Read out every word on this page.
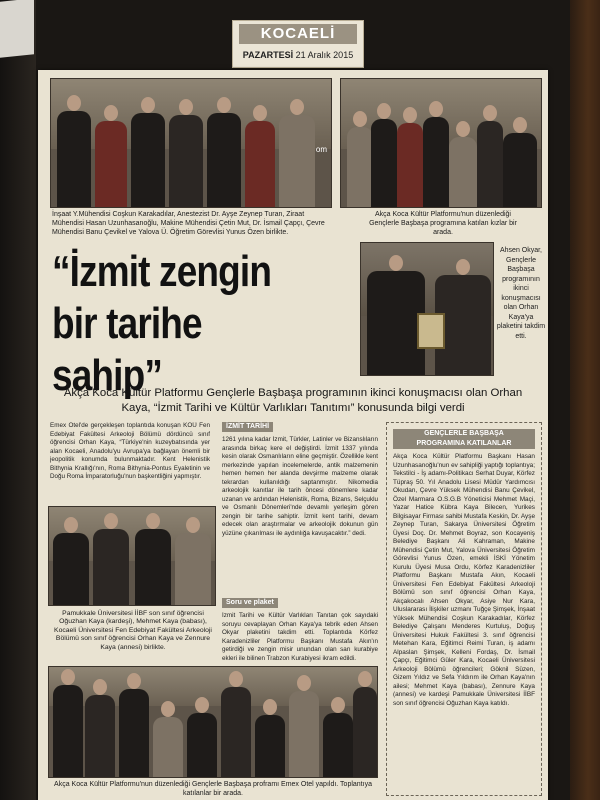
KOCAELİ
PAZARTESİ 21 Aralık 2015
om
İnşaat Y.Mühendisi Coşkun Karakadılar, Anestezist Dr. Ayşe Zeynep Turan, Ziraat Mühendisi Hasan Uzunhasanoğlu, Makine Mühendisi Çetin Mut, Dr. İsmail Çapçı, Çevre Mühendisi Banu Çevikel ve Yalova Ü. Öğretim Görevlisi Yunus Özen birlikte.
Akça Koca Kültür Platformu'nun düzenlediği Gençlerle Başbaşa programına katılan kızlar bir arada.
“İzmit zengin
bir tarihe sahip”
Ahsen Okyar, Gençlerle Başbaşa programının ikinci konuşmacısı olan Orhan Kaya'ya plaketini takdim etti.
Akça Koca Kültür Platformu Gençlerle Başbaşa programının ikinci konuşmacısı olan Orhan Kaya, “İzmit Tarihi ve Kültür Varlıkları Tanıtımı” konusunda bilgi verdi
Emex Otel'de gerçekleşen toplantıda konuşan KOÜ Fen Edebiyat Fakültesi Arkeoloji Bölümü dördüncü sınıf öğrencisi Orhan Kaya, “Türkiye'nin kuzeybatısında yer alan Kocaeli, Anadolu'yu Avrupa'ya bağlayan önemli bir jeopolitik konumda bulunmaktadır. Kent Helenistik Bithynia Krallığı'nın, Roma Bithynia-Pontus Eyaletinin ve Doğu Roma İmparatorluğu'nun başkentliğini yapmıştır.
Pamukkale Üniversitesi İİBF son sınıf öğrencisi Oğuzhan Kaya (kardeşi), Mehmet Kaya (babası), Kocaeli Üniversitesi Fen Edebiyat Fakültesi Arkeoloji Bölümü son sınıf öğrencisi Orhan Kaya ve Zennure Kaya (annesi) birlikte.
İZMİT TARİHİ
1261 yılına kadar İzmit, Türkler, Latinler ve Bizanslıların arasında birkaç kere el değiştirdi. İzmit 1337 yılında kesin olarak Osmanlıların eline geçmiştir. Özellikle kent merkezinde yapılan incelemelerde, antik malzemenin hemen hemen her alanda devşirme malzeme olarak tekrardan kullanıldığı saptanmıştır. Nikomedia arkeolojik kanıtlar ile tarih öncesi dönemlere kadar uzanan ve ardından Helenistik, Roma, Bizans, Selçuklu ve Osmanlı Dönemleri'nde devamlı yerleşim gören zengin bir tarihe sahiptir. İzmit kent tarihi, devam edecek olan araştırmalar ve arkeolojik dokunun gün yüzüne çıkarılması ile aydınlığa kavuşacaktır.” dedi.
Soru ve plaket
İzmit Tarihi ve Kültür Varlıkları Tanıtan çok sayıdaki soruyu cevaplayan Orhan Kaya'ya tebrik eden Ahsen Okyar plaketini takdim etti. Toplantıda Körfez Karadenizliler Platformu Başkanı Mustafa Akın'ın getirdiği ve zengin misir unundan olan sarı kurabiye ekleri ile bilinen Trabzon Kurabiyesi ikram edildi.
Akça Koca Kültür Platformu'nun düzenlediği Gençlerle Başbaşa proframı Emex Otel yapıldı. Toplantıya katılanlar bir arada.
GENÇLERLE BAŞBAŞA
PROGRAMINA KATILANLAR
Akça Koca Kültür Platformu Başkanı Hasan Uzunhasanoğlu'nun ev sahipliği yaptığı toplantıya; Tekstilci - İş adamı-Politikacı Serhat Duyar, Körfez Tüpraş 50. Yıl Anadolu Lisesi Müdür Yardımcısı Okudan, Çevre Yüksek Mühendisi Banu Çevikel, Özel Marmara O.S.G.B Yöneticisi Mehmet Maçi, Yazar Hatice Kübra Kaya Bilecen, Yurikes Bilgisayar Firması sahibi Mustafa Keskin, Dr. Ayşe Zeynep Turan, Sakarya Üniversitesi Öğretim Üyesi Doç. Dr. Mehmet Boyraz, son Kocayeniş Belediye Başkanı Ali Kahraman, Makine Mühendisi Çetin Mut, Yalova Üniversitesi Öğretim Görevlisi Yunus Özen, emekli İSKİ Yönetim Kurulu Üyesi Musa Ordu, Körfez Karadenizliler Platformu Başkanı Mustafa Akın, Kocaeli Üniversitesi Fen Edebiyat Fakültesi Arkeoloji Bölümü son sınıf öğrencisi Orhan Kaya, Akçakocalı Ahsen Okyar, Asiye Nur Kara, Uluslararası İlişkiler uzmanı Tuğçe Şimşek, İnşaat Yüksek Mühendisi Coşkun Karakadılar, Körfez Belediye Çalışanı Menderes Kurtuluş, Doğuş Üniversitesi Hukuk Fakültesi 3. sınıf öğrencisi Metehan Kara, Eğitimci Reimi Turan, iş adamı Alpaslan Şimşek, Kelleni Fordaş, Dr. İsmail Çapçı, Eğitimci Güler Kara, Kocaeli Üniversitesi Arkeoloji Bölümü öğrencileri; Göknil Süzen, Gizem Yıldız ve Sefa Yıldırım ile Orhan Kaya'nın ailesi; Mehmet Kaya (babası), Zennure Kaya (annesi) ve kardeşi Pamukkale Üniversitesi İİBF son sınıf öğrencisi Oğuzhan Kaya katıldı.
